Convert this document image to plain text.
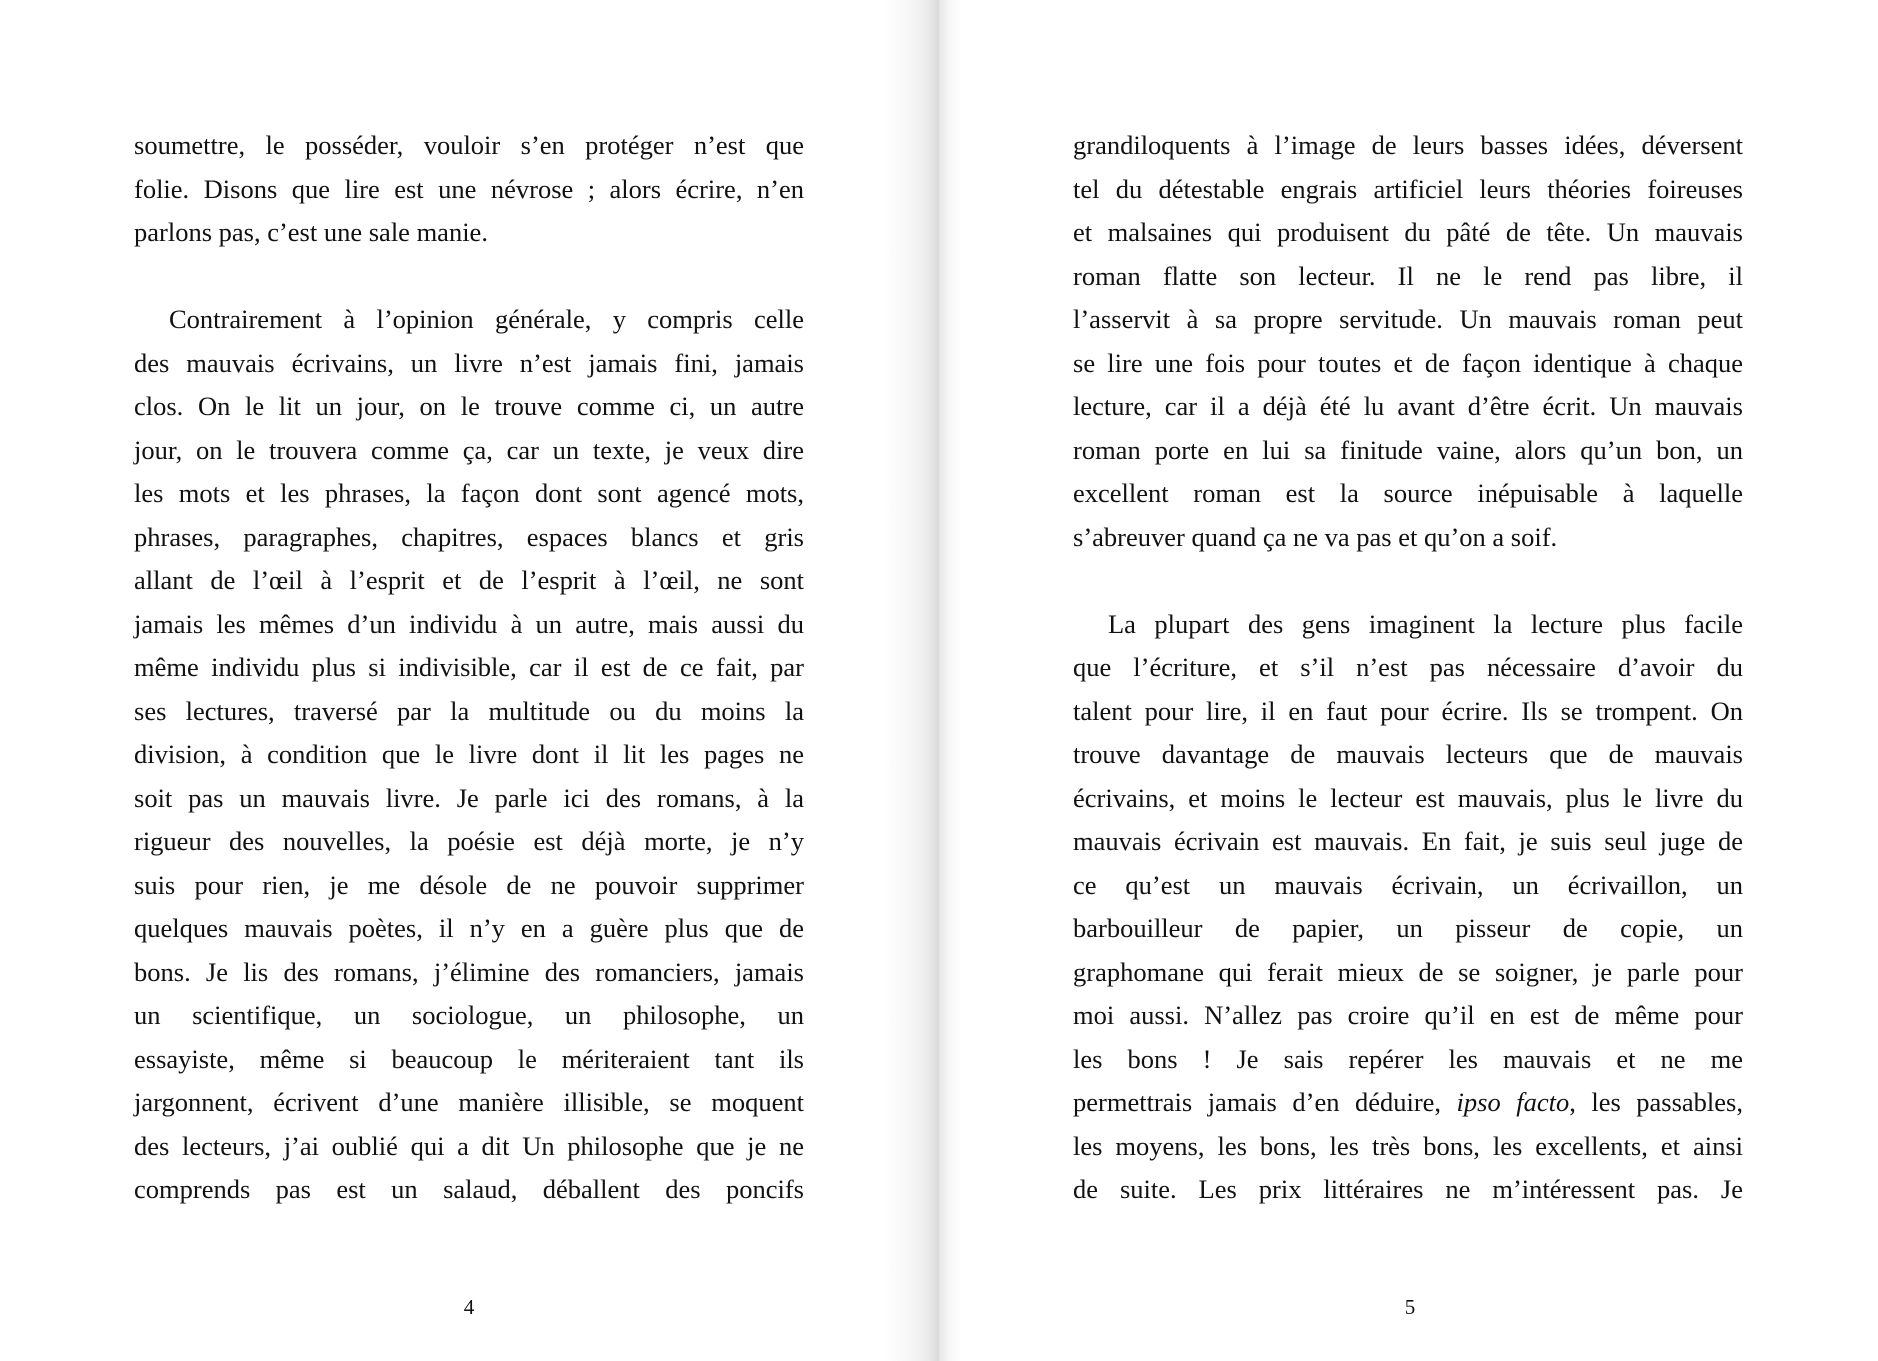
soumettre, le posséder, vouloir s’en protéger n’est que
folie. Disons que lire est une névrose ; alors écrire, n’en
parlons pas, c’est une sale manie.
Contrairement à l’opinion générale, y compris celle
des mauvais écrivains, un livre n’est jamais fini, jamais
clos. On le lit un jour, on le trouve comme ci, un autre
jour, on le trouvera comme ça, car un texte, je veux dire
les mots et les phrases, la façon dont sont agencé mots,
phrases, paragraphes, chapitres, espaces blancs et gris
allant de l’œil à l’esprit et de l’esprit à l’œil, ne sont
jamais les mêmes d’un individu à un autre, mais aussi du
même individu plus si indivisible, car il est de ce fait, par
ses lectures, traversé par la multitude ou du moins la
division, à condition que le livre dont il lit les pages ne
soit pas un mauvais livre. Je parle ici des romans, à la
rigueur des nouvelles, la poésie est déjà morte, je n’y
suis pour rien, je me désole de ne pouvoir supprimer
quelques mauvais poètes, il n’y en a guère plus que de
bons. Je lis des romans, j’élimine des romanciers, jamais
un scientifique, un sociologue, un philosophe, un
essayiste, même si beaucoup le mériteraient tant ils
jargonnent, écrivent d’une manière illisible, se moquent
des lecteurs, j’ai oublié qui a dit Un philosophe que je ne
comprends pas est un salaud, déballent des poncifs
4
grandiloquents à l’image de leurs basses idées, déversent
tel du détestable engrais artificiel leurs théories foireuses
et malsaines qui produisent du pâté de tête. Un mauvais
roman flatte son lecteur. Il ne le rend pas libre, il
l’asservit à sa propre servitude. Un mauvais roman peut
se lire une fois pour toutes et de façon identique à chaque
lecture, car il a déjà été lu avant d’être écrit. Un mauvais
roman porte en lui sa finitude vaine, alors qu’un bon, un
excellent roman est la source inépuisable à laquelle
s’abreuver quand ça ne va pas et qu’on a soif.
La plupart des gens imaginent la lecture plus facile
que l’écriture, et s’il n’est pas nécessaire d’avoir du
talent pour lire, il en faut pour écrire. Ils se trompent. On
trouve davantage de mauvais lecteurs que de mauvais
écrivains, et moins le lecteur est mauvais, plus le livre du
mauvais écrivain est mauvais. En fait, je suis seul juge de
ce qu’est un mauvais écrivain, un écrivaillon, un
barbouilleur de papier, un pisseur de copie, un
graphomane qui ferait mieux de se soigner, je parle pour
moi aussi. N’allez pas croire qu’il en est de même pour
les bons ! Je sais repérer les mauvais et ne me
permettrais jamais d’en déduire, ipso facto, les passables,
les moyens, les bons, les très bons, les excellents, et ainsi
de suite. Les prix littéraires ne m’intéressent pas. Je
5
